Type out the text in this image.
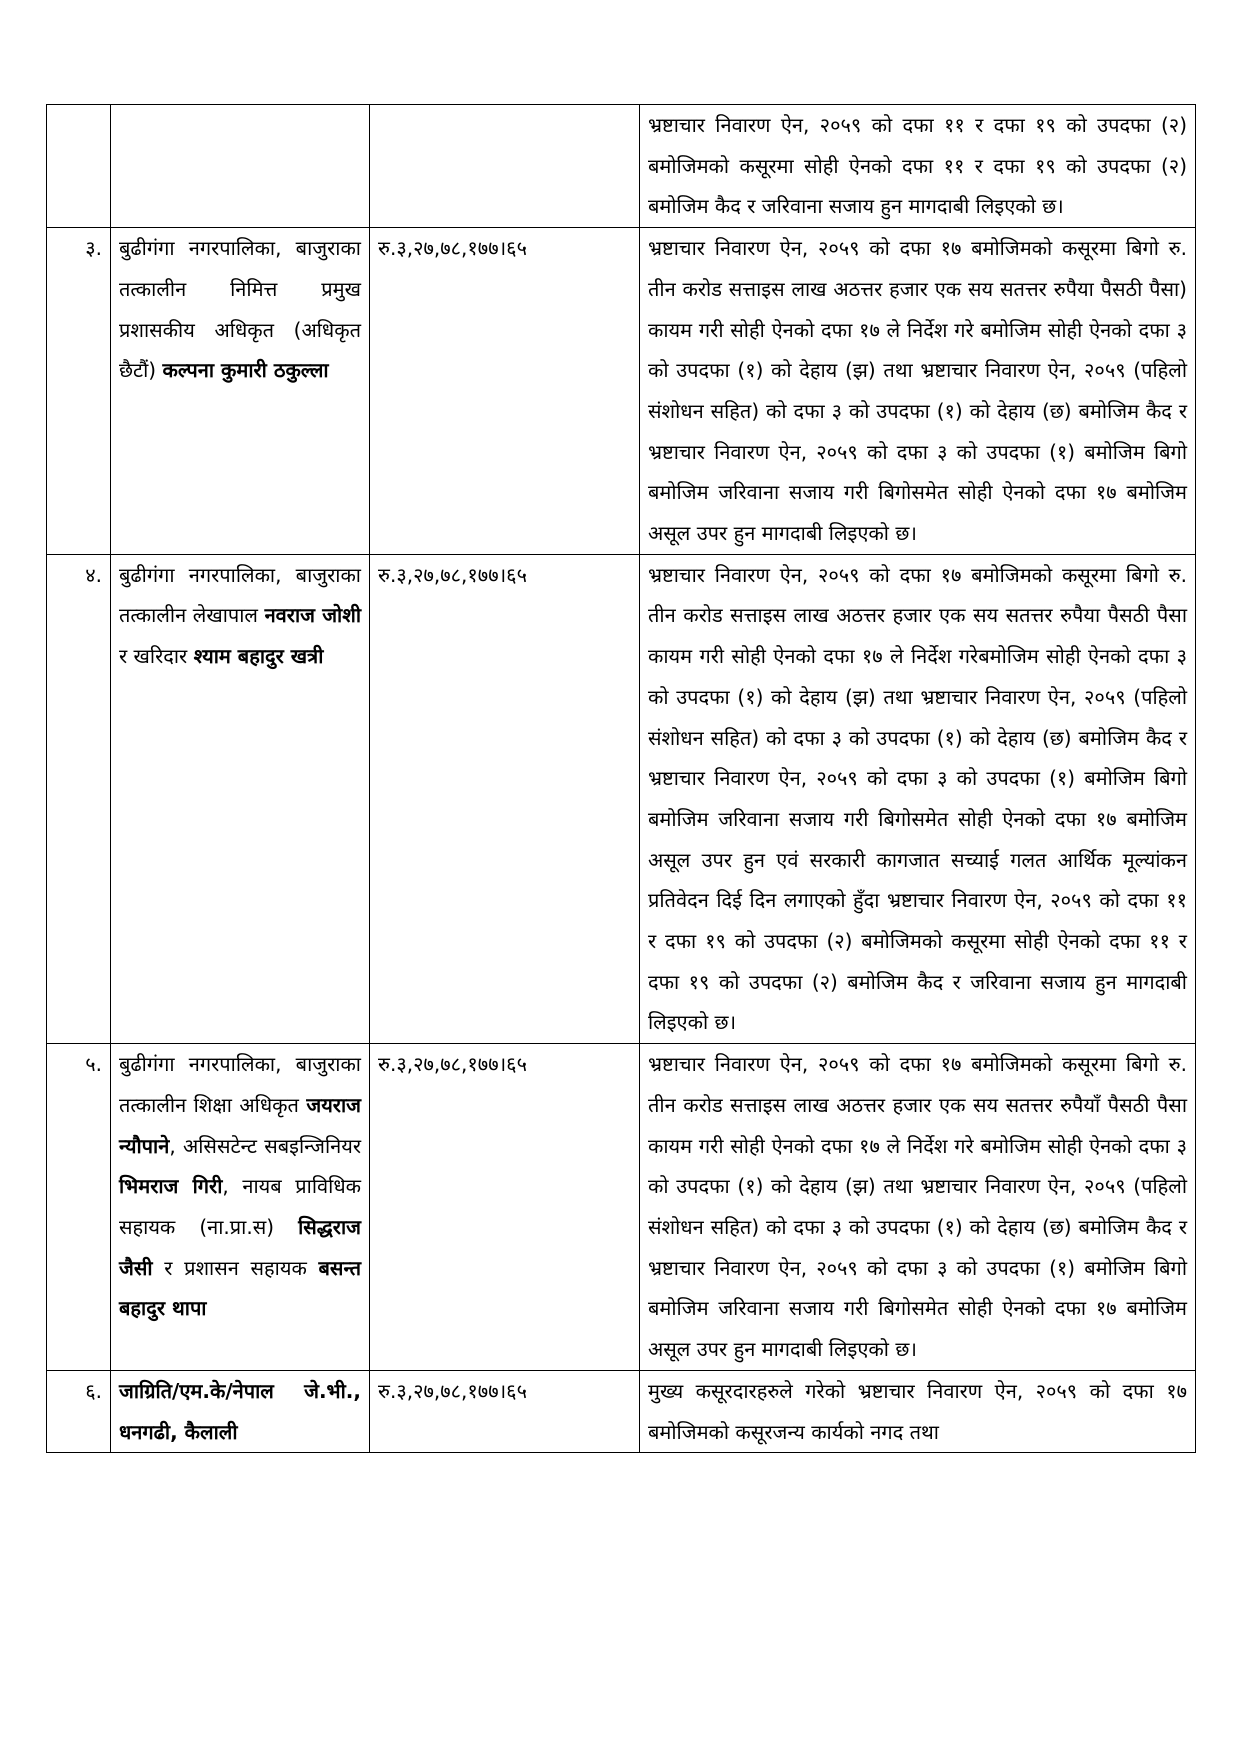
			भ्रष्टाचार निवारण ऐन, २०५९ को दफा ११ र दफा १९ को उपदफा (२) बमोजिमको कसूरमा सोही ऐनको दफा ११ र दफा १९ को उपदफा (२) बमोजिम कैद र जरिवाना सजाय हुन मागदाबी लिइएको छ।
३.	बुढीगंगा नगरपालिका, बाजुराका तत्कालीन निमित्त प्रमुख प्रशासकीय अधिकृत (अधिकृत छैटौं) कल्पना कुमारी ठकुल्ला	रु.३,२७,७८,१७७।६५	भ्रष्टाचार निवारण ऐन, २०५९ को दफा १७ बमोजिमको कसूरमा बिगो रु. तीन करोड सत्ताइस लाख अठत्तर हजार एक सय सतत्तर रुपैया पैसठी पैसा) कायम गरी सोही ऐनको दफा १७ ले निर्देश गरे बमोजिम सोही ऐनको दफा ३ को उपदफा (१) को देहाय (झ) तथा भ्रष्टाचार निवारण ऐन, २०५९ (पहिलो संशोधन सहित) को दफा ३ को उपदफा (१) को देहाय (छ) बमोजिम कैद र भ्रष्टाचार निवारण ऐन, २०५९ को दफा ३ को उपदफा (१) बमोजिम बिगो बमोजिम जरिवाना सजाय गरी बिगोसमेत सोही ऐनको दफा १७ बमोजिम असूल उपर हुन मागदाबी लिइएको छ।
४.	बुढीगंगा नगरपालिका, बाजुराका तत्कालीन लेखापाल नवराज जोशी र खरिदार श्याम बहादुर खत्री	रु.३,२७,७८,१७७।६५	भ्रष्टाचार निवारण ऐन, २०५९ को दफा १७ बमोजिमको कसूरमा बिगो रु. तीन करोड सत्ताइस लाख अठत्तर हजार एक सय सतत्तर रुपैया पैसठी पैसा कायम गरी सोही ऐनको दफा १७ ले निर्देश गरेबमोजिम सोही ऐनको दफा ३ को उपदफा (१) को देहाय (झ) तथा भ्रष्टाचार निवारण ऐन, २०५९ (पहिलो संशोधन सहित) को दफा ३ को उपदफा (१) को देहाय (छ) बमोजिम कैद र भ्रष्टाचार निवारण ऐन, २०५९ को दफा ३ को उपदफा (१) बमोजिम बिगो बमोजिम जरिवाना सजाय गरी बिगोसमेत सोही ऐनको दफा १७ बमोजिम असूल उपर हुन एवं सरकारी कागजात सच्याई गलत आर्थिक मूल्यांकन प्रतिवेदन दिई दिन लगाएको हुँदा भ्रष्टाचार निवारण ऐन, २०५९ को दफा ११ र दफा १९ को उपदफा (२) बमोजिमको कसूरमा सोही ऐनको दफा ११ र दफा १९ को उपदफा (२) बमोजिम कैद र जरिवाना सजाय हुन मागदाबी लिइएको छ।
५.	बुढीगंगा नगरपालिका, बाजुराका तत्कालीन शिक्षा अधिकृत जयराज न्यौपाने, असिसटेन्ट सबइन्जिनियर भिमराज गिरी, नायब प्राविधिक सहायक (ना.प्रा.स) सिद्धराज जैसी र प्रशासन सहायक बसन्त बहादुर थापा	रु.३,२७,७८,१७७।६५	भ्रष्टाचार निवारण ऐन, २०५९ को दफा १७ बमोजिमको कसूरमा बिगो रु. तीन करोड सत्ताइस लाख अठत्तर हजार एक सय सतत्तर रुपैयाँ पैसठी पैसा कायम गरी सोही ऐनको दफा १७ ले निर्देश गरे बमोजिम सोही ऐनको दफा ३ को उपदफा (१) को देहाय (झ) तथा भ्रष्टाचार निवारण ऐन, २०५९ (पहिलो संशोधन सहित) को दफा ३ को उपदफा (१) को देहाय (छ) बमोजिम कैद र भ्रष्टाचार निवारण ऐन, २०५९ को दफा ३ को उपदफा (१) बमोजिम बिगो बमोजिम जरिवाना सजाय गरी बिगोसमेत सोही ऐनको दफा १७ बमोजिम असूल उपर हुन मागदाबी लिइएको छ।
६.	जाग्रिति/एम.के/नेपाल जे.भी., धनगढी, कैलाली	रु.३,२७,७८,१७७।६५	मुख्य कसूरदारहरुले गरेको भ्रष्टाचार निवारण ऐन, २०५९ को दफा १७ बमोजिमको कसूरजन्य कार्यको नगद तथा
